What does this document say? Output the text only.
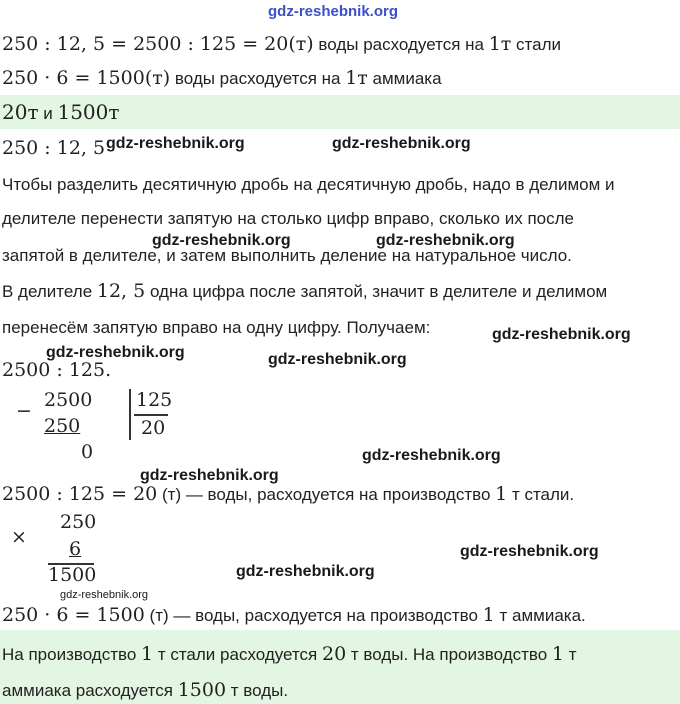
gdz-reshebnik.org
250 : 12, 5 = 2500 : 125 = 20(т) воды расходуется на 1т стали
250 · 6 = 1500(т) воды расходуется на 1т аммиака
20т и 1500т
250 : 12, 5 gdz-reshebnik.org	gdz-reshebnik.org
Чтобы разделить десятичную дробь на десятичную дробь, надо в делимом и
делителе перенести запятую на столько цифр вправо, сколько их после
gdz-reshebnik.org	gdz-reshebnik.org
запятой в делителе, и затем выполнить деление на натуральное число.
В делителе 12, 5 одна цифра после запятой, значит в делителе и делимом
перенесём запятую вправо на одну цифру. Получаем:	gdz-reshebnik.org
gdz-reshebnik.org	gdz-reshebnik.org
2500 : 125.
− 2500
250
0
125
20
gdz-reshebnik.org
gdz-reshebnik.org
2500 : 125 = 20 (т) — воды, расходуется на производство 1 т стали.
×
250
6
1500
gdz-reshebnik.org
gdz-reshebnik.org
gdz-reshebnik.org
250 · 6 = 1500 (т) — воды, расходуется на производство 1 т аммиака.
На производство 1 т стали расходуется 20 т воды. На производство 1 т
аммиака расходуется 1500 т воды.
